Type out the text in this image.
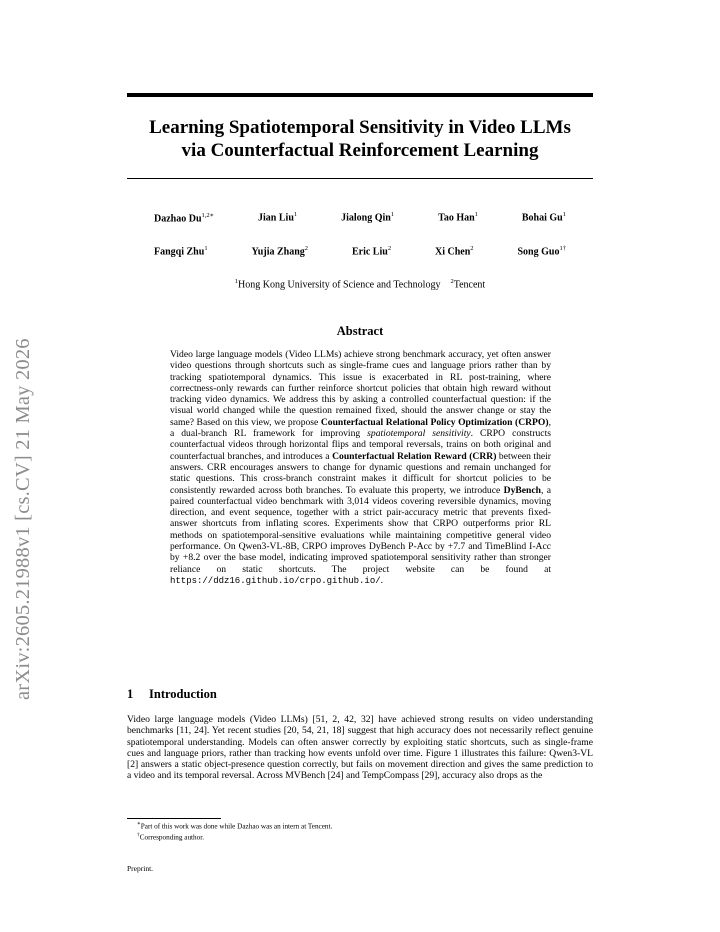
arXiv:2605.21988v1 [cs.CV] 21 May 2026
Learning Spatiotemporal Sensitivity in Video LLMs
via Counterfactual Reinforcement Learning
Dazhao $Du^{1,2∗}$	Jian Liu$^1$	Jialong Qin$^1$	Tao Han$^1$	Bohai Gu$^1$
Fangqi Zhu$^1$	Yujia Zhang$^2$	Eric Liu$^2$	Xi Chen$^2$	Song Guo$^{1\dagger}$
$^1$Hong Kong University of Science and Technology $^2$Tencent
Abstract

Video large language models (Video LLMs) achieve strong benchmark accuracy, yet often answer video questions through shortcuts such as single-frame cues and language priors rather than by tracking spatiotemporal dynamics. This issue is exacerbated in RL post-training, where correctness-only rewards can further reinforce shortcut policies that obtain high reward without tracking video dynamics. We address this by asking a controlled counterfactual question: if the visual world changed while the question remained fixed, should the answer change or stay the same? Based on this view, we propose Counterfactual Relational Policy Optimization (CRPO), a dual-branch RL framework for improving spatiotemporal sensitivity. CRPO constructs counterfactual videos through horizontal flips and temporal reversals, trains on both original and counterfactual branches, and introduces a Counterfactual Relation Reward (CRR) between their answers. CRR encourages answers to change for dynamic questions and remain unchanged for static questions. This cross-branch constraint makes it difficult for shortcut policies to be consistently rewarded across both branches. To evaluate this property, we introduce DyBench, a paired counterfactual video benchmark with 3,014 videos covering reversible dynamics, moving direction, and event sequence, together with a strict pair-accuracy metric that prevents fixed-answer shortcuts from inflating scores. Experiments show that CRPO outperforms prior RL methods on spatiotemporal-sensitive evaluations while maintaining competitive general video performance. On Qwen3-VL-8B, CRPO improves DyBench P-Acc by +7.7 and TimeBlind I-Acc by +8.2 over the base model, indicating improved spatiotemporal sensitivity rather than stronger reliance on static shortcuts. The project website can be found at https://ddz16.github.io/crpo.github.io/.

1 Introduction

Video large language models (Video LLMs) [51, 2, 42, 32] have achieved strong results on video understanding benchmarks [11, 24]. Yet recent studies [20, 54, 21, 18] suggest that high accuracy does not necessarily reflect genuine spatiotemporal understanding. Models can often answer correctly by exploiting static shortcuts, such as single-frame cues and language priors, rather than tracking how events unfold over time. Figure 1 illustrates this failure: Qwen3-VL [2] answers a static object-presence question correctly, but fails on movement direction and gives the same prediction to a video and its temporal reversal. Across MVBench [24] and TempCompass [29], accuracy also drops as the

∗Part of this work was done while Dazhao was an intern at Tencent.
†Corresponding author.
Preprint.
